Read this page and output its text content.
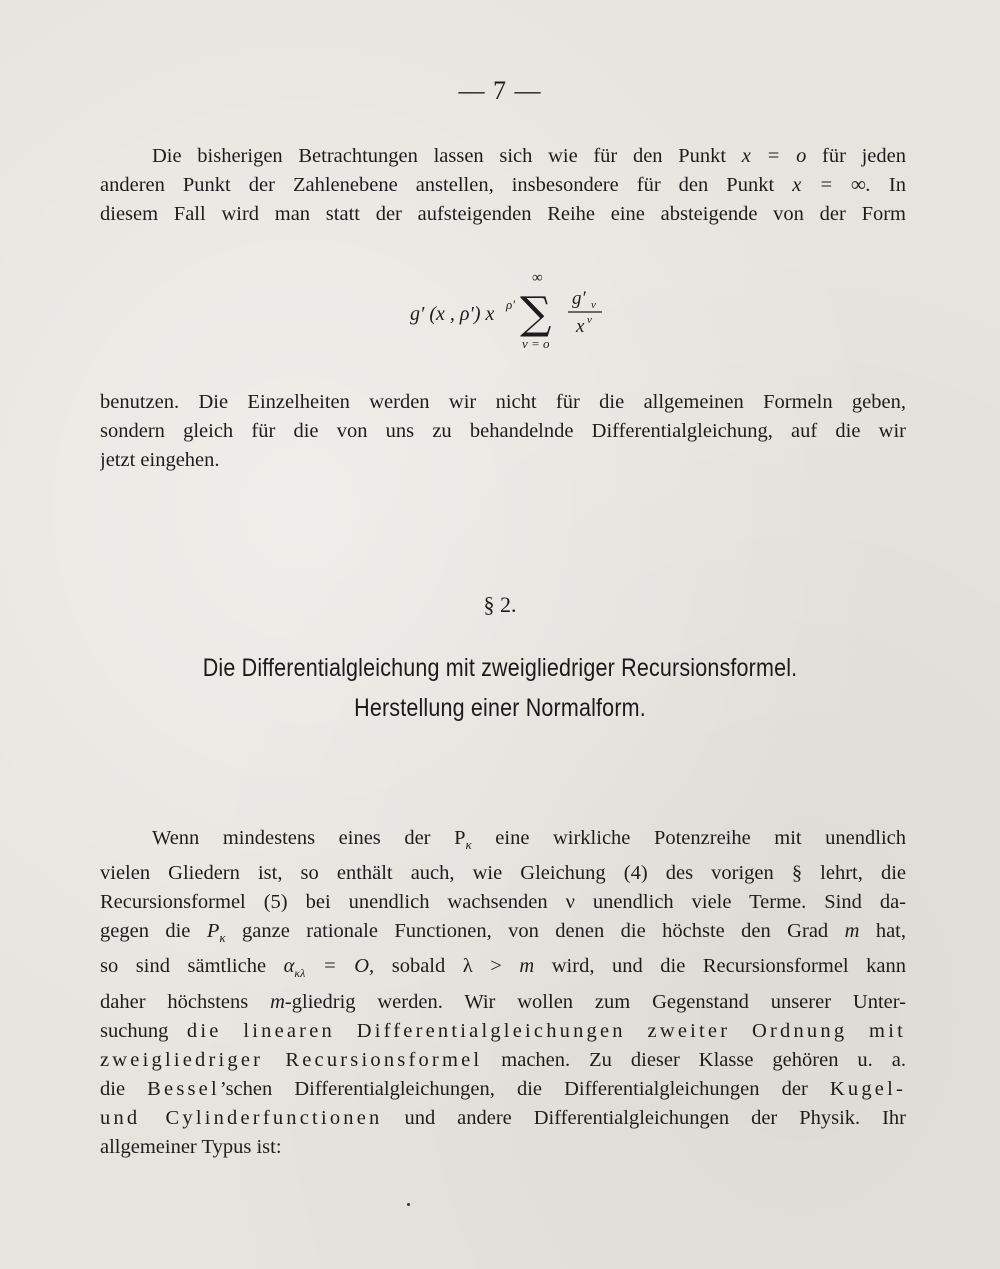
— 7 —
Die bisherigen Betrachtungen lassen sich wie für den Punkt x = o für jeden
anderen Punkt der Zahlenebene anstellen, insbesondere für den Punkt x = ∞. In
diesem Fall wird man statt der aufsteigenden Reihe eine absteigende von der Form
g′ (x , ρ′) x ρ′
∞
∑
ν = o
g′ ν
x ν
benutzen. Die Einzelheiten werden wir nicht für die allgemeinen Formeln geben,
sondern gleich für die von uns zu behandelnde Differentialgleichung, auf die wir
jetzt eingehen.
§ 2.
Die Differentialgleichung mit zweigliedriger Recursionsformel.
Herstellung einer Normalform.
Wenn mindestens eines der $P_\kappa$ eine wirkliche Potenzreihe mit unendlich
vielen Gliedern ist, so enthält auch, wie Gleichung (4) des vorigen § lehrt, die
Recursionsformel (5) bei unendlich wachsenden ν unendlich viele Terme. Sind da-
gegen die $P_\kappa$ ganze rationale Functionen, von denen die höchste den Grad m hat,
so sind sämtliche $\alpha_{\kappa\lambda} = O$, sobald λ > m wird, und die Recursionsformel kann
daher höchstens m-gliedrig werden. Wir wollen zum Gegenstand unserer Unter-
suchung die linearen Differentialgleichungen zweiter Ordnung mit
zweigliedriger Recursionsformel machen. Zu dieser Klasse gehören u. a.
die Bessel’schen Differentialgleichungen, die Differentialgleichungen der Kugel-
und Cylinderfunctionen und andere Differentialgleichungen der Physik. Ihr
allgemeiner Typus ist:
